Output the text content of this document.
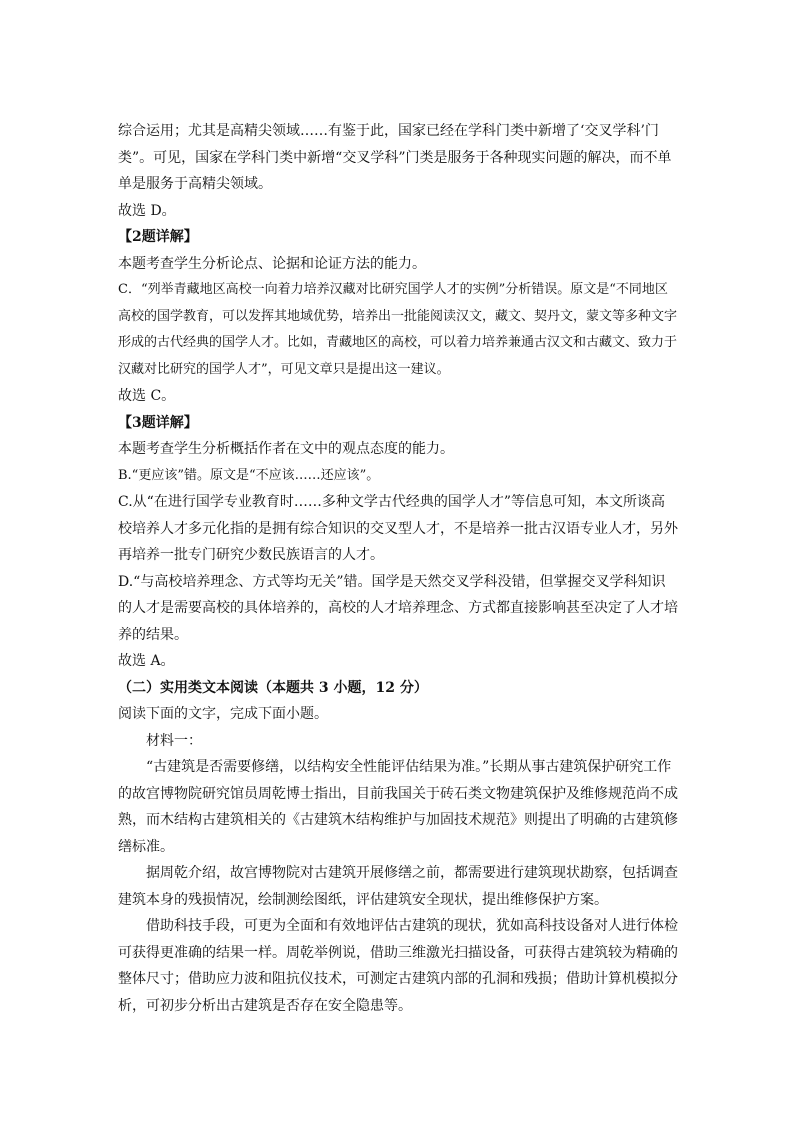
综合运用；尤其是高精尖领域……有鉴于此，国家已经在学科门类中新增了‘交叉学科’门类”。可见，国家在学科门类中新增“交叉学科”门类是服务于各种现实问题的解决，而不单单是服务于高精尖领域。

故选 D。

【2题详解】

本题考查学生分析论点、论据和论证方法的能力。

C．“列举青藏地区高校一向着力培养汉藏对比研究国学人才的实例”分析错误。原文是“不同地区高校的国学教育，可以发挥其地域优势，培养出一批能阅读汉文，藏文、契丹文，蒙文等多种文字形成的古代经典的国学人才。比如，青藏地区的高校，可以着力培养兼通古汉文和古藏文、致力于汉藏对比研究的国学人才”，可见文章只是提出这一建议。

故选 C。

【3题详解】

本题考查学生分析概括作者在文中的观点态度的能力。

B.“更应该”错。原文是“不应该……还应该”。

C.从“在进行国学专业教育时……多种文学古代经典的国学人才”等信息可知，本文所谈高校培养人才多元化指的是拥有综合知识的交叉型人才，不是培养一批古汉语专业人才，另外再培养一批专门研究少数民族语言的人才。

D.“与高校培养理念、方式等均无关”错。国学是天然交叉学科没错，但掌握交叉学科知识的人才是需要高校的具体培养的，高校的人才培养理念、方式都直接影响甚至决定了人才培养的结果。

故选 A。

（二）实用类文本阅读（本题共 3 小题，12 分）

阅读下面的文字，完成下面小题。

材料一：

“古建筑是否需要修缮，以结构安全性能评估结果为准。”长期从事古建筑保护研究工作的故宫博物院研究馆员周乾博士指出，目前我国关于砖石类文物建筑保护及维修规范尚不成熟，而木结构古建筑相关的《古建筑木结构维护与加固技术规范》则提出了明确的古建筑修缮标准。

据周乾介绍，故宫博物院对古建筑开展修缮之前，都需要进行建筑现状勘察，包括调查建筑本身的残损情况，绘制测绘图纸，评估建筑安全现状，提出维修保护方案。

借助科技手段，可更为全面和有效地评估古建筑的现状，犹如高科技设备对人进行体检可获得更准确的结果一样。周乾举例说，借助三维激光扫描设备，可获得古建筑较为精确的整体尺寸；借助应力波和阻抗仪技术，可测定古建筑内部的孔洞和残损；借助计算机模拟分析，可初步分析出古建筑是否存在安全隐患等。
